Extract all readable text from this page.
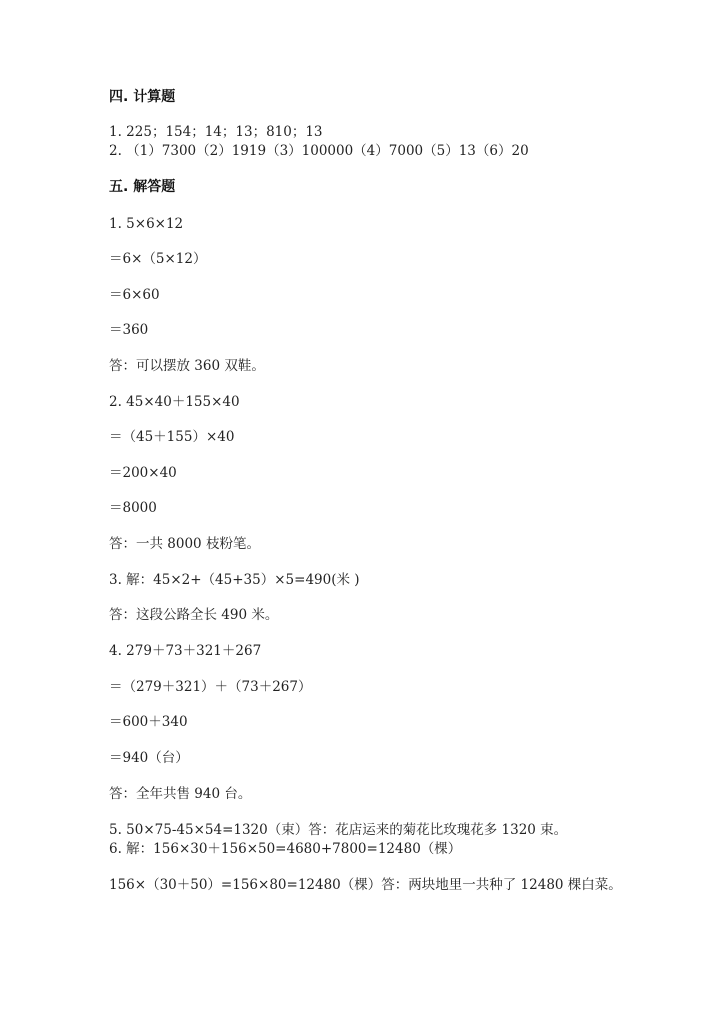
四. 计算题
1. 225；154；14；13；810；13
2. （1）7300（2）1919（3）100000（4）7000（5）13（6）20
五. 解答题
1. 5×6×12
＝6×（5×12）
＝6×60
＝360
答：可以摆放 360 双鞋。
2. 45×40＋155×40
＝（45＋155）×40
＝200×40
＝8000
答：一共 8000 枝粉笔。
3. 解：45×2+（45+35）×5=490(米 )
答：这段公路全长 490 米。
4. 279＋73＋321＋267
＝（279＋321）＋（73＋267）
＝600＋340
＝940（台）
答：全年共售 940 台。
5. 50×75-45×54=1320（束）答：花店运来的菊花比玫瑰花多 1320 束。
6. 解：156×30＋156×50=4680+7800=12480（棵）
156×（30＋50）=156×80=12480（棵）答：两块地里一共种了 12480 棵白菜。
